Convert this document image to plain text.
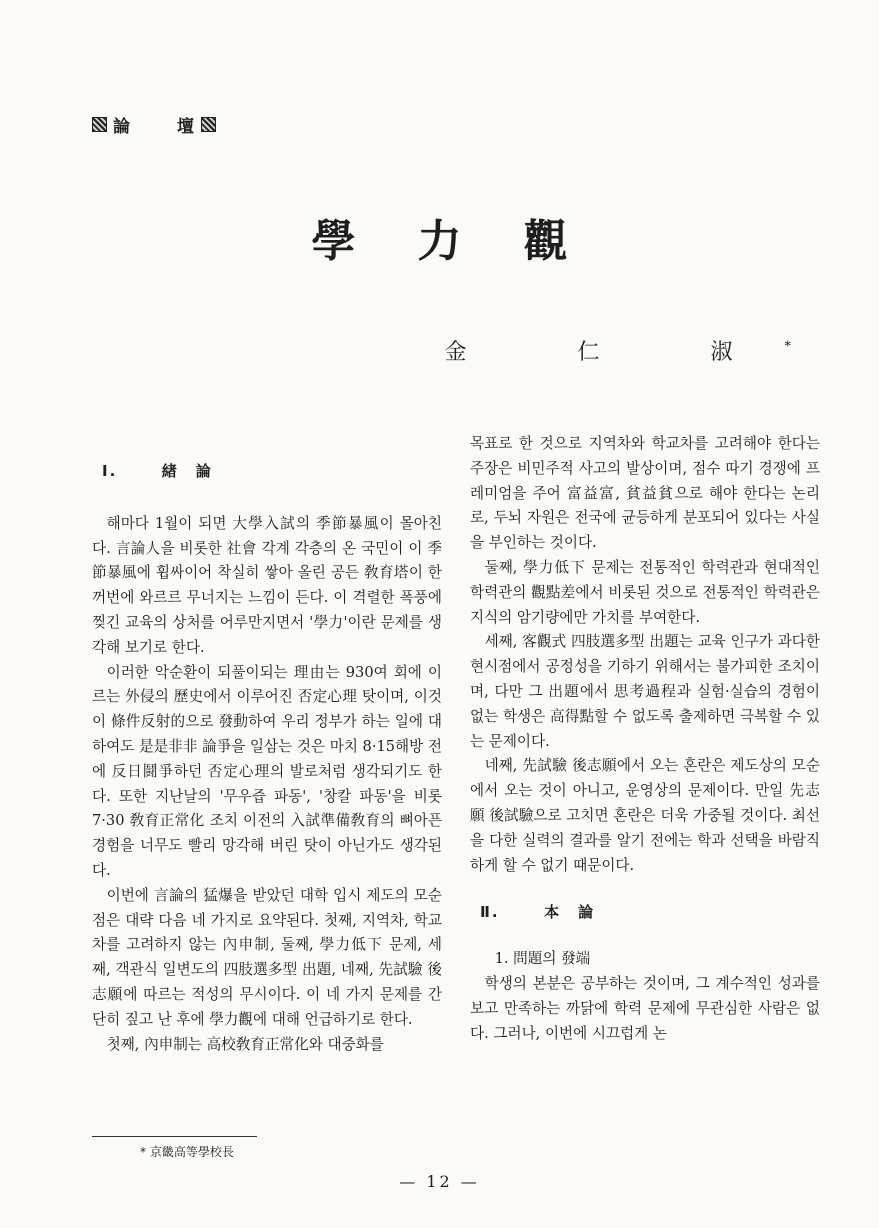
論	壇
學力觀
金 仁 淑*
Ⅰ.	緖　論

해마다 1월이 되면 大學入試의 季節暴風이 몰아친다. 言論人을 비롯한 社會 각계 각층의 온 국민이 이 季節暴風에 휩싸이어 착실히 쌓아 올린 공든 敎育塔이 한꺼번에 와르르 무너지는 느낌이 든다. 이 격렬한 폭풍에 찢긴 교육의 상처를 어루만지면서 '學力'이란 문제를 생각해 보기로 한다.

이러한 악순환이 되풀이되는 理由는 930여 회에 이르는 外侵의 歷史에서 이루어진 否定心理 탓이며, 이것이 條件反射的으로 發動하여 우리 정부가 하는 일에 대하여도 是是非非 論爭을 일삼는 것은 마치 8·15해방 전에 反日鬪爭하던 否定心理의 발로처럼 생각되기도 한다. 또한 지난날의 '무우즙 파동', '창칼 파동'을 비롯 7·30 敎育正常化 조치 이전의 入試準備敎育의 뼈아픈 경험을 너무도 빨리 망각해 버린 탓이 아닌가도 생각된다.

이번에 言論의 猛爆을 받았던 대학 입시 제도의 모순점은 대략 다음 네 가지로 요약된다. 첫째, 지역차, 학교차를 고려하지 않는 內申制, 둘째, 學力低下 문제, 세째, 객관식 일변도의 四肢選多型 出題, 네째, 先試驗 後志願에 따르는 적성의 무시이다. 이 네 가지 문제를 간단히 짚고 난 후에 學力觀에 대해 언급하기로 한다.

첫째, 內申制는 高校敎育正常化와 대중화를

목표로 한 것으로 지역차와 학교차를 고려해야 한다는 주장은 비민주적 사고의 발상이며, 점수 따기 경쟁에 프레미엄을 주어 富益富, 貧益貧으로 해야 한다는 논리로, 두뇌 자원은 전국에 균등하게 분포되어 있다는 사실을 부인하는 것이다.

둘째, 學力低下 문제는 전통적인 학력관과 현대적인 학력관의 觀點差에서 비롯된 것으로 전통적인 학력관은 지식의 암기량에만 가치를 부여한다.

세째, 客觀式 四肢選多型 出題는 교육 인구가 과다한 현시점에서 공정성을 기하기 위해서는 불가피한 조치이며, 다만 그 出題에서 思考過程과 실험·실습의 경험이 없는 학생은 高得點할 수 없도록 출제하면 극복할 수 있는 문제이다.

네째, 先試驗 後志願에서 오는 혼란은 제도상의 모순에서 오는 것이 아니고, 운영상의 문제이다. 만일 先志願 後試驗으로 고치면 혼란은 더욱 가중될 것이다. 최선을 다한 실력의 결과를 알기 전에는 학과 선택을 바람직하게 할 수 없기 때문이다.

Ⅱ.	本　論

1. 問題의 發端

학생의 본분은 공부하는 것이며, 그 계수적인 성과를 보고 만족하는 까닭에 학력 문제에 무관심한 사람은 없다. 그러나, 이번에 시끄럽게 논

* 京畿高等學校長
— 12 —
